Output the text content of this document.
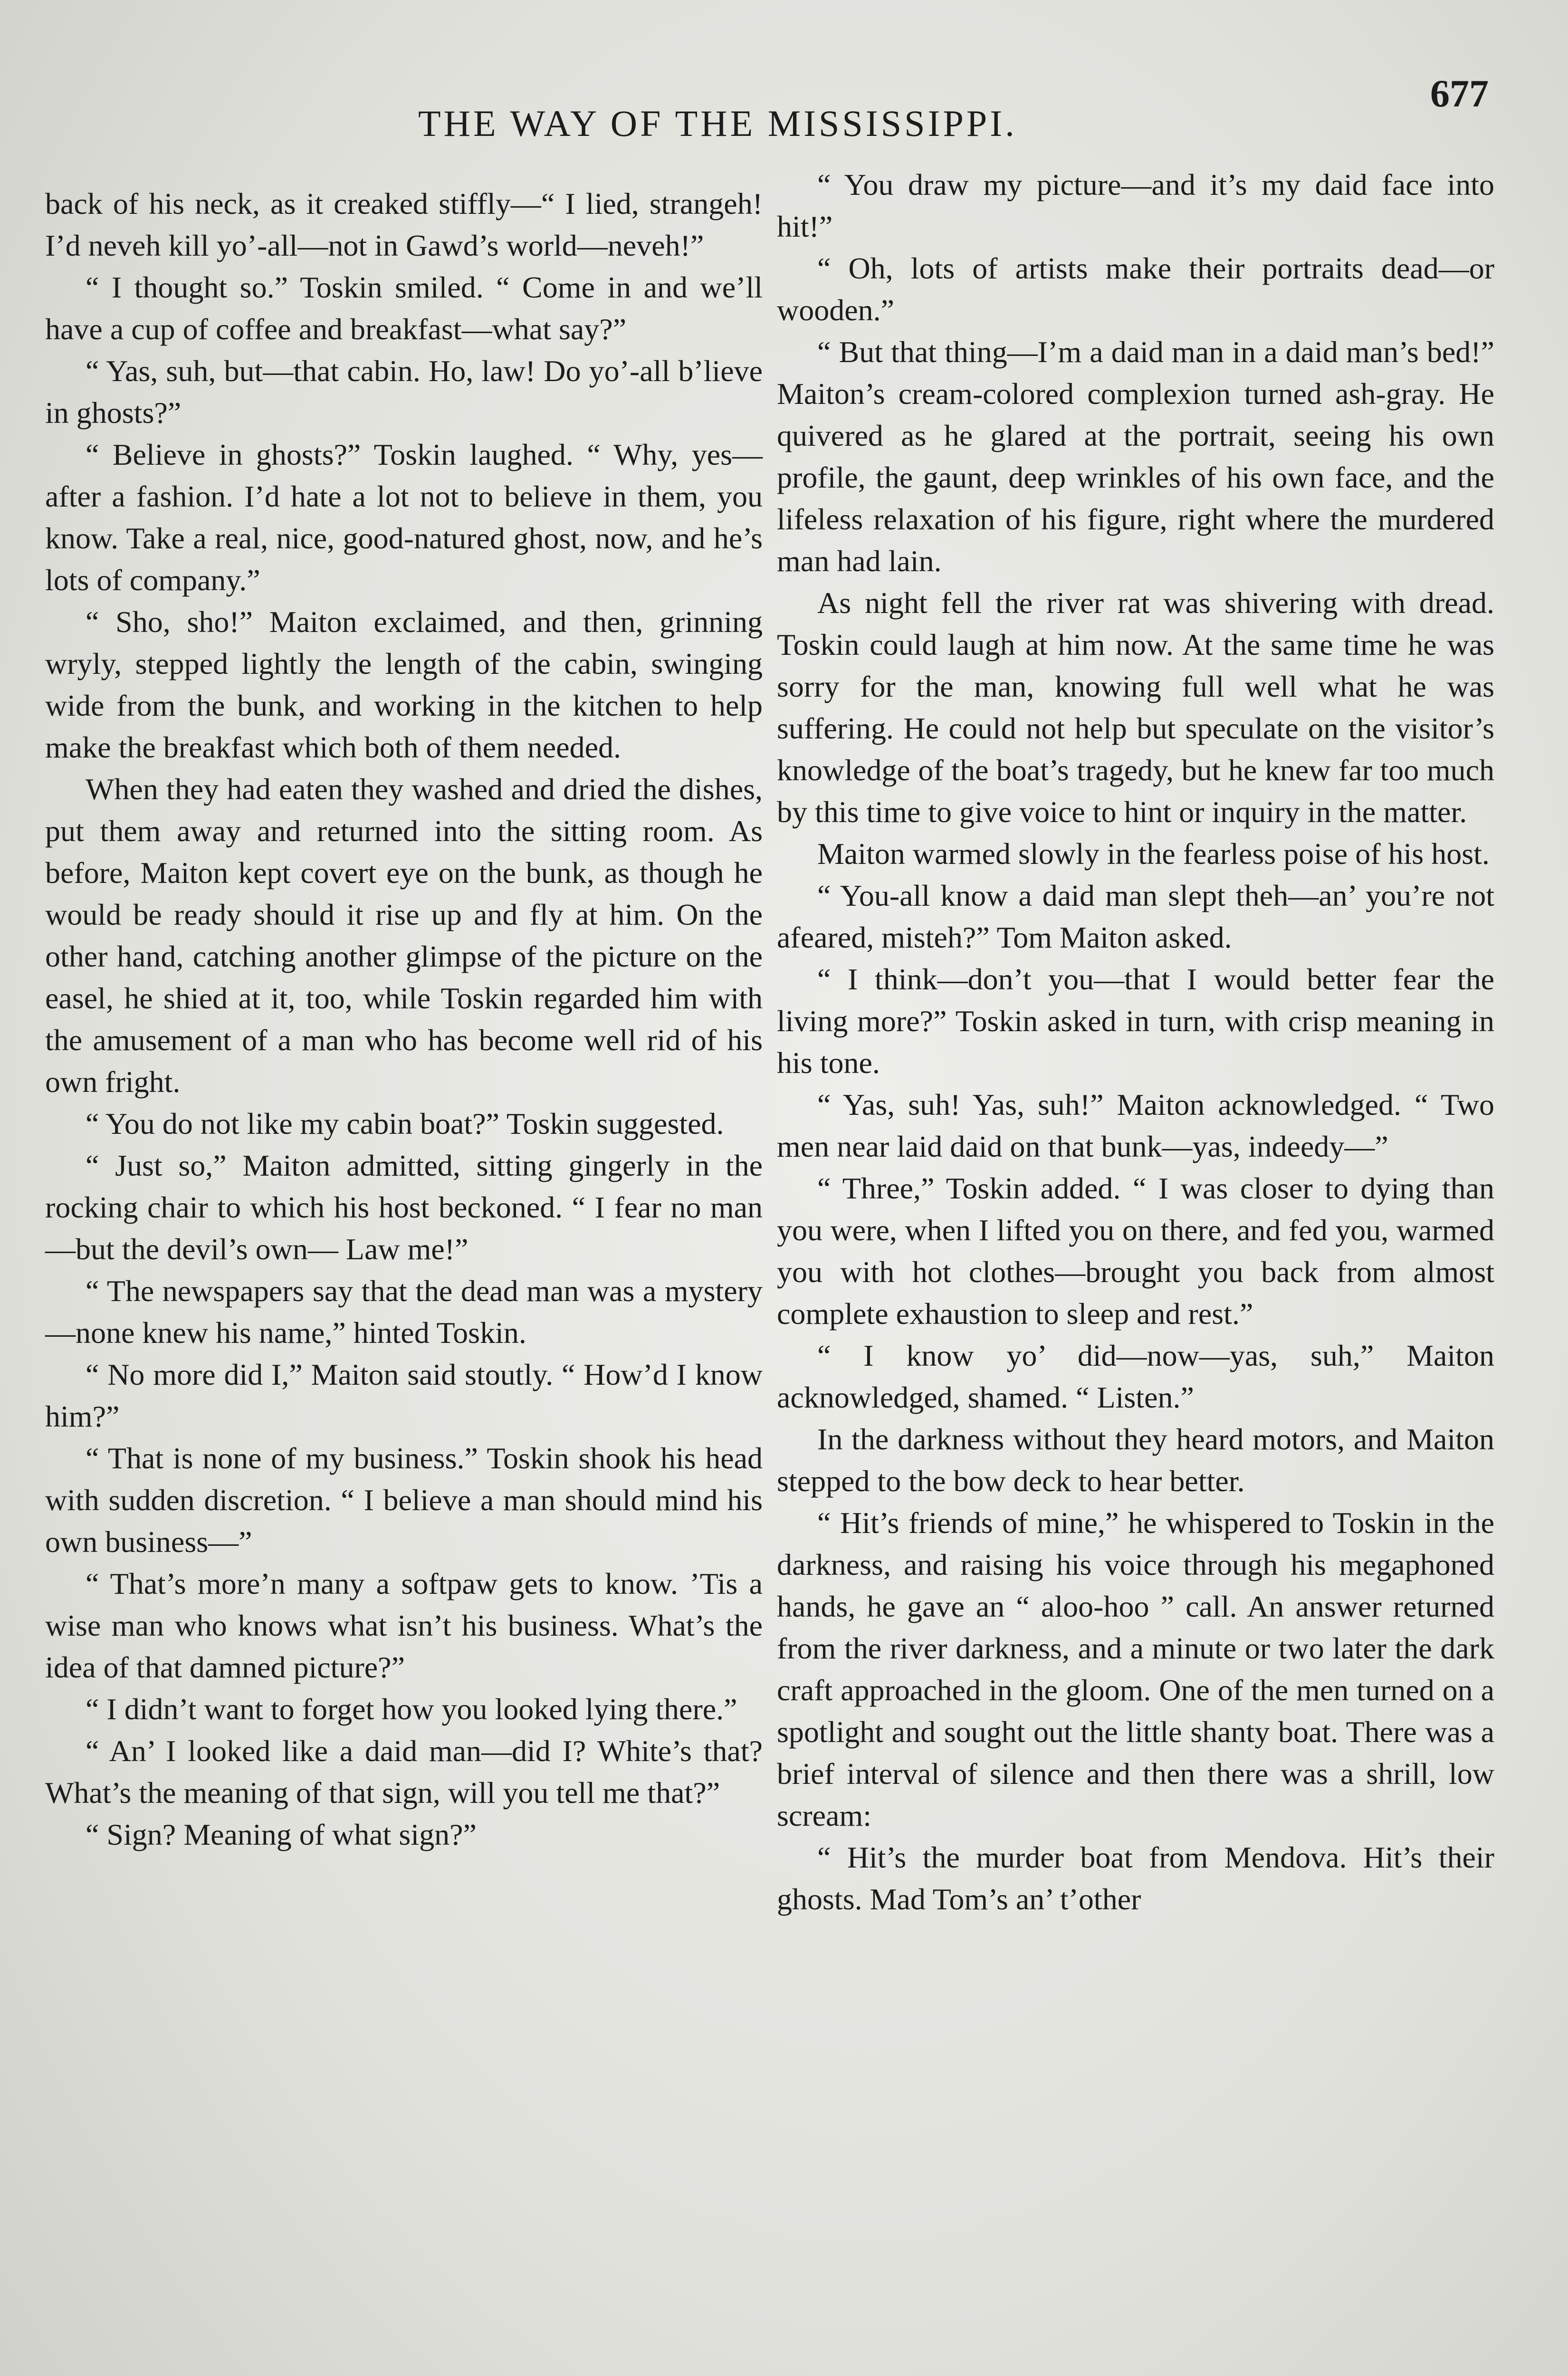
THE WAY OF THE MISSISSIPPI.
677

back of his neck, as it creaked stiffly—“ I lied, strangeh! I’d neveh kill yo’-all—not in Gawd’s world—neveh!”

“ I thought so.” Toskin smiled. “ Come in and we’ll have a cup of coffee and breakfast—what say?”

“ Yas, suh, but—that cabin. Ho, law! Do yo’-all b’lieve in ghosts?”

“ Believe in ghosts?” Toskin laughed. “ Why, yes—after a fashion. I’d hate a lot not to believe in them, you know. Take a real, nice, good-natured ghost, now, and he’s lots of company.”

“ Sho, sho!” Maiton exclaimed, and then, grinning wryly, stepped lightly the length of the cabin, swinging wide from the bunk, and working in the kitchen to help make the breakfast which both of them needed.

When they had eaten they washed and dried the dishes, put them away and returned into the sitting room. As before, Maiton kept covert eye on the bunk, as though he would be ready should it rise up and fly at him. On the other hand, catching another glimpse of the picture on the easel, he shied at it, too, while Toskin regarded him with the amusement of a man who has become well rid of his own fright.

“ You do not like my cabin boat?” Toskin suggested.

“ Just so,” Maiton admitted, sitting gingerly in the rocking chair to which his host beckoned. “ I fear no man—but the devil’s own— Law me!”

“ The newspapers say that the dead man was a mystery—none knew his name,” hinted Toskin.

“ No more did I,” Maiton said stoutly. “ How’d I know him?”

“ That is none of my business.” Toskin shook his head with sudden discretion. “ I believe a man should mind his own business—”

“ That’s more’n many a softpaw gets to know. ’Tis a wise man who knows what isn’t his business. What’s the idea of that damned picture?”

“ I didn’t want to forget how you looked lying there.”

“ An’ I looked like a daid man—did I? White’s that? What’s the meaning of that sign, will you tell me that?”

“ Sign? Meaning of what sign?”

“ You draw my picture—and it’s my daid face into hit!”

“ Oh, lots of artists make their portraits dead—or wooden.”

“ But that thing—I’m a daid man in a daid man’s bed!” Maiton’s cream-colored complexion turned ash-gray. He quivered as he glared at the portrait, seeing his own profile, the gaunt, deep wrinkles of his own face, and the lifeless relaxation of his figure, right where the murdered man had lain.

As night fell the river rat was shivering with dread. Toskin could laugh at him now. At the same time he was sorry for the man, knowing full well what he was suffering. He could not help but speculate on the visitor’s knowledge of the boat’s tragedy, but he knew far too much by this time to give voice to hint or inquiry in the matter.

Maiton warmed slowly in the fearless poise of his host.

“ You-all know a daid man slept theh—an’ you’re not afeared, misteh?” Tom Maiton asked.

“ I think—don’t you—that I would better fear the living more?” Toskin asked in turn, with crisp meaning in his tone.

“ Yas, suh! Yas, suh!” Maiton acknowledged. “ Two men near laid daid on that bunk—yas, indeedy—”

“ Three,” Toskin added. “ I was closer to dying than you were, when I lifted you on there, and fed you, warmed you with hot clothes—brought you back from almost complete exhaustion to sleep and rest.”

“ I know yo’ did—now—yas, suh,” Maiton acknowledged, shamed. “ Listen.”

In the darkness without they heard motors, and Maiton stepped to the bow deck to hear better.

“ Hit’s friends of mine,” he whispered to Toskin in the darkness, and raising his voice through his megaphoned hands, he gave an “ aloo-hoo ” call. An answer returned from the river darkness, and a minute or two later the dark craft approached in the gloom. One of the men turned on a spotlight and sought out the little shanty boat. There was a brief interval of silence and then there was a shrill, low scream:

“ Hit’s the murder boat from Mendova. Hit’s their ghosts. Mad Tom’s an’ t’other
